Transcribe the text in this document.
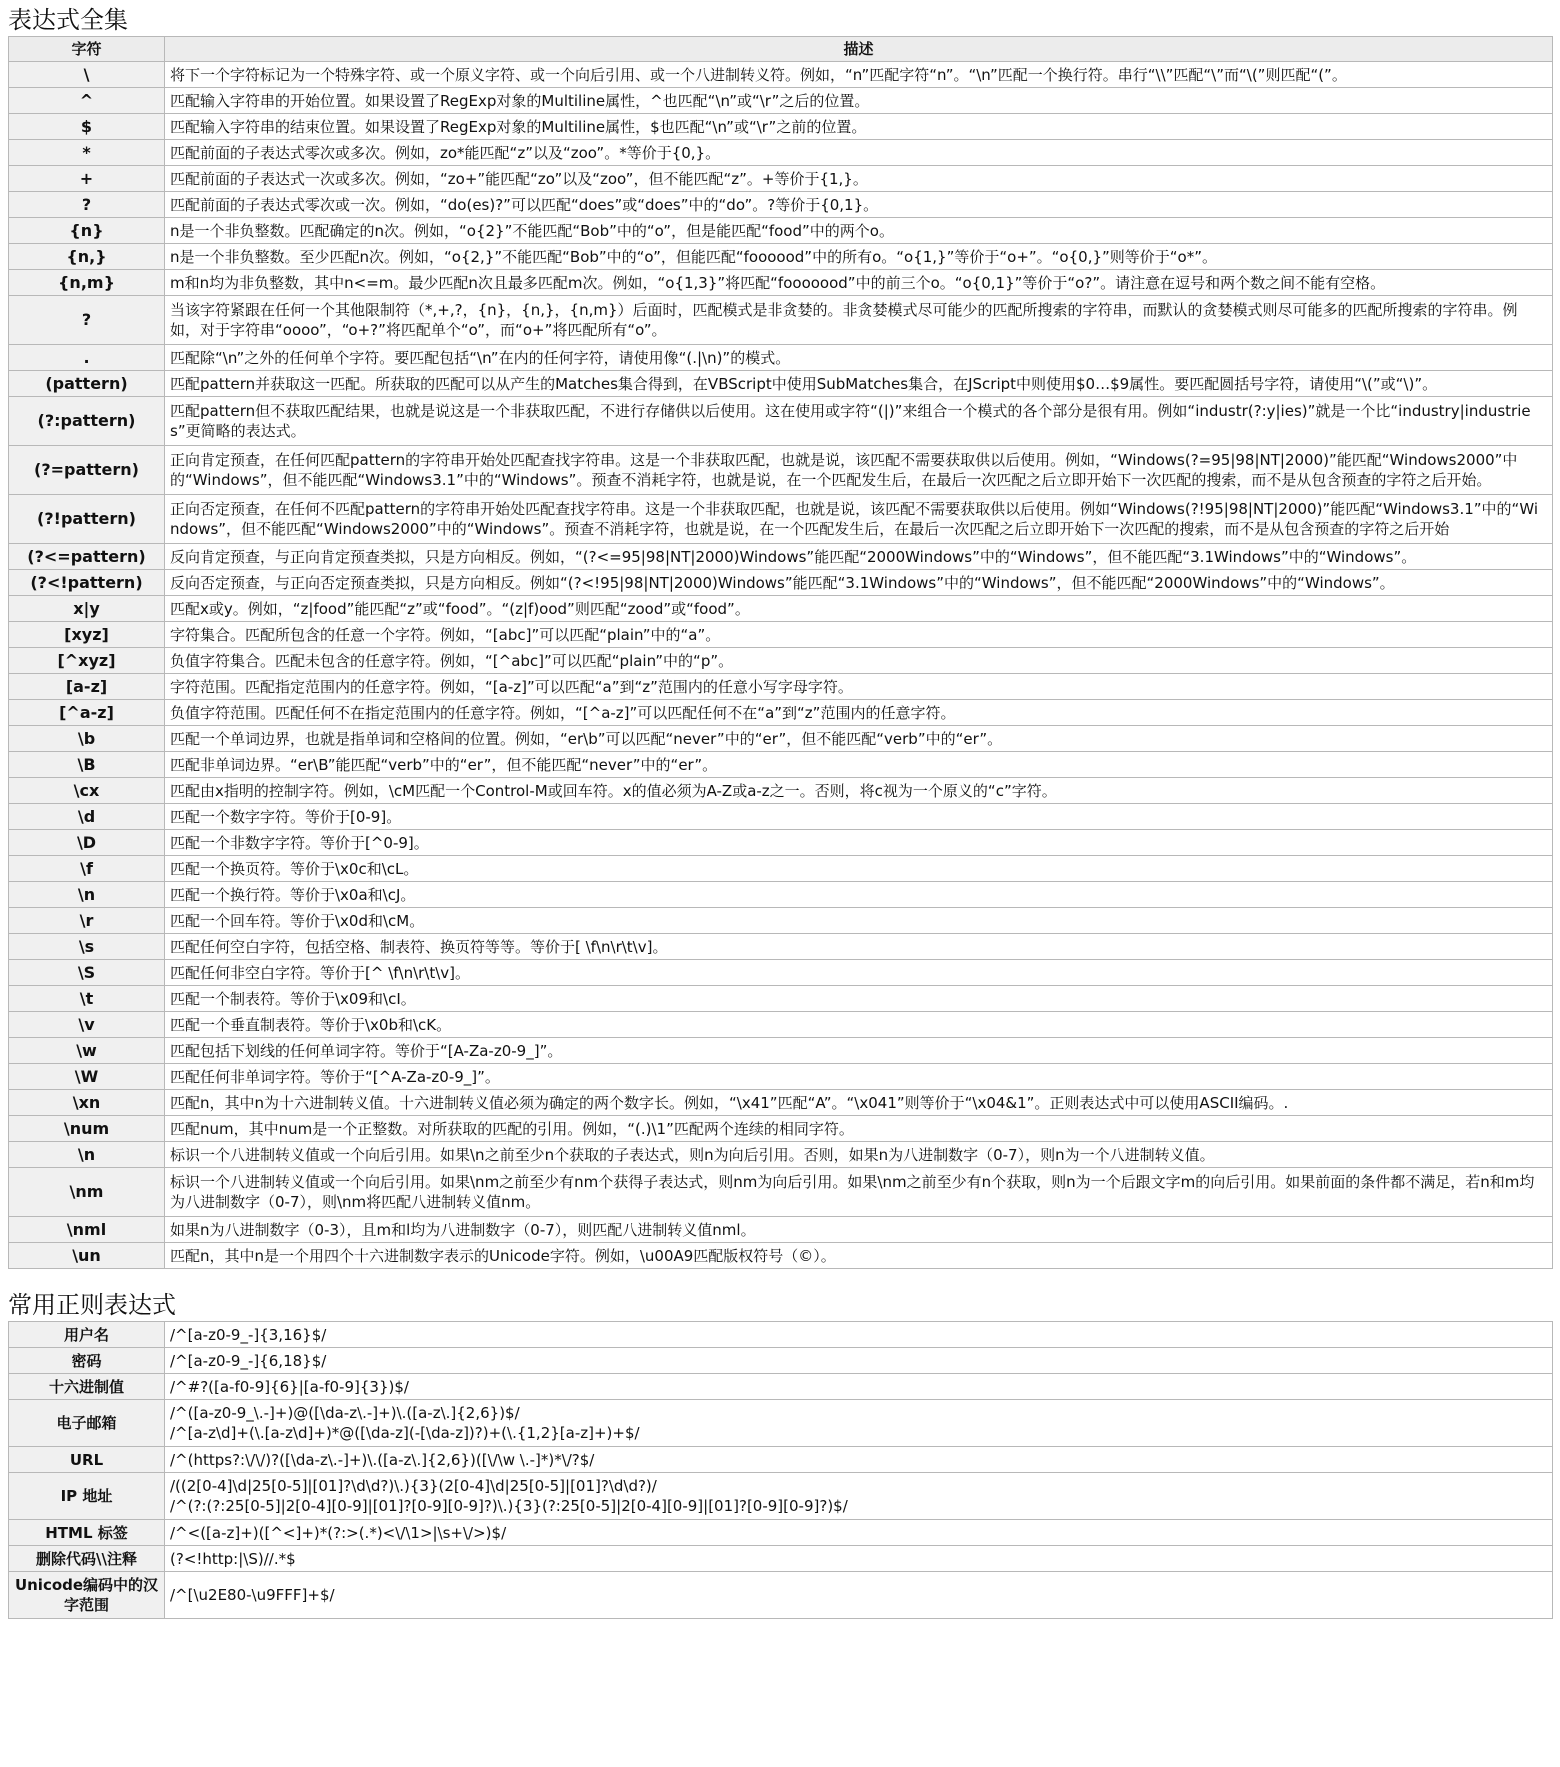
表达式全集
字符	描述
\	将下一个字符标记为一个特殊字符、或一个原义字符、或一个向后引用、或一个八进制转义符。例如，“n”匹配字符“n”。“\n”匹配一个换行符。串行“\\”匹配“\”而“\(”则匹配“(”。
^	匹配输入字符串的开始位置。如果设置了RegExp对象的Multiline属性，^也匹配“\n”或“\r”之后的位置。
$	匹配输入字符串的结束位置。如果设置了RegExp对象的Multiline属性，$也匹配“\n”或“\r”之前的位置。
*	匹配前面的子表达式零次或多次。例如，zo*能匹配“z”以及“zoo”。*等价于{0,}。
+	匹配前面的子表达式一次或多次。例如，“zo+”能匹配“zo”以及“zoo”，但不能匹配“z”。+等价于{1,}。
?	匹配前面的子表达式零次或一次。例如，“do(es)?”可以匹配“does”或“does”中的“do”。?等价于{0,1}。
{n}	n是一个非负整数。匹配确定的n次。例如，“o{2}”不能匹配“Bob”中的“o”，但是能匹配“food”中的两个o。
{n,}	n是一个非负整数。至少匹配n次。例如，“o{2,}”不能匹配“Bob”中的“o”，但能匹配“foooood”中的所有o。“o{1,}”等价于“o+”。“o{0,}”则等价于“o*”。
{n,m}	m和n均为非负整数，其中n<=m。最少匹配n次且最多匹配m次。例如，“o{1,3}”将匹配“fooooood”中的前三个o。“o{0,1}”等价于“o?”。请注意在逗号和两个数之间不能有空格。
?	当该字符紧跟在任何一个其他限制符（*,+,?，{n}，{n,}，{n,m}）后面时，匹配模式是非贪婪的。非贪婪模式尽可能少的匹配所搜索的字符串，而默认的贪婪模式则尽可能多的匹配所搜索的字符串。例如，对于字符串“oooo”，“o+?”将匹配单个“o”，而“o+”将匹配所有“o”。
.	匹配除“\n”之外的任何单个字符。要匹配包括“\n”在内的任何字符，请使用像“(.|\n)”的模式。
(pattern)	匹配pattern并获取这一匹配。所获取的匹配可以从产生的Matches集合得到，在VBScript中使用SubMatches集合，在JScript中则使用$0…$9属性。要匹配圆括号字符，请使用“\(”或“\)”。
(?:pattern)	匹配pattern但不获取匹配结果，也就是说这是一个非获取匹配，不进行存储供以后使用。这在使用或字符“(|)”来组合一个模式的各个部分是很有用。例如“industr(?:y|ies)”就是一个比“industry|industries”更简略的表达式。
(?=pattern)	正向肯定预查，在任何匹配pattern的字符串开始处匹配查找字符串。这是一个非获取匹配，也就是说，该匹配不需要获取供以后使用。例如，“Windows(?=95|98|NT|2000)”能匹配“Windows2000”中的“Windows”，但不能匹配“Windows3.1”中的“Windows”。预查不消耗字符，也就是说，在一个匹配发生后，在最后一次匹配之后立即开始下一次匹配的搜索，而不是从包含预查的字符之后开始。
(?!pattern)	正向否定预查，在任何不匹配pattern的字符串开始处匹配查找字符串。这是一个非获取匹配，也就是说，该匹配不需要获取供以后使用。例如“Windows(?!95|98|NT|2000)”能匹配“Windows3.1”中的“Windows”，但不能匹配“Windows2000”中的“Windows”。预查不消耗字符，也就是说，在一个匹配发生后，在最后一次匹配之后立即开始下一次匹配的搜索，而不是从包含预查的字符之后开始
(?<=pattern)	反向肯定预查，与正向肯定预查类拟，只是方向相反。例如，“(?<=95|98|NT|2000)Windows”能匹配“2000Windows”中的“Windows”，但不能匹配“3.1Windows”中的“Windows”。
(?<!pattern)	反向否定预查，与正向否定预查类拟，只是方向相反。例如“(?<!95|98|NT|2000)Windows”能匹配“3.1Windows”中的“Windows”，但不能匹配“2000Windows”中的“Windows”。
x|y	匹配x或y。例如，“z|food”能匹配“z”或“food”。“(z|f)ood”则匹配“zood”或“food”。
[xyz]	字符集合。匹配所包含的任意一个字符。例如，“[abc]”可以匹配“plain”中的“a”。
[^xyz]	负值字符集合。匹配未包含的任意字符。例如，“[^abc]”可以匹配“plain”中的“p”。
[a-z]	字符范围。匹配指定范围内的任意字符。例如，“[a-z]”可以匹配“a”到“z”范围内的任意小写字母字符。
[^a-z]	负值字符范围。匹配任何不在指定范围内的任意字符。例如，“[^a-z]”可以匹配任何不在“a”到“z”范围内的任意字符。
\b	匹配一个单词边界，也就是指单词和空格间的位置。例如，“er\b”可以匹配“never”中的“er”，但不能匹配“verb”中的“er”。
\B	匹配非单词边界。“er\B”能匹配“verb”中的“er”，但不能匹配“never”中的“er”。
\cx	匹配由x指明的控制字符。例如，\cM匹配一个Control-M或回车符。x的值必须为A-Z或a-z之一。否则，将c视为一个原义的“c”字符。
\d	匹配一个数字字符。等价于[0-9]。
\D	匹配一个非数字字符。等价于[^0-9]。
\f	匹配一个换页符。等价于\x0c和\cL。
\n	匹配一个换行符。等价于\x0a和\cJ。
\r	匹配一个回车符。等价于\x0d和\cM。
\s	匹配任何空白字符，包括空格、制表符、换页符等等。等价于[ \f\n\r\t\v]。
\S	匹配任何非空白字符。等价于[^ \f\n\r\t\v]。
\t	匹配一个制表符。等价于\x09和\cI。
\v	匹配一个垂直制表符。等价于\x0b和\cK。
\w	匹配包括下划线的任何单词字符。等价于“[A-Za-z0-9_]”。
\W	匹配任何非单词字符。等价于“[^A-Za-z0-9_]”。
\xn	匹配n，其中n为十六进制转义值。十六进制转义值必须为确定的两个数字长。例如，“\x41”匹配“A”。“\x041”则等价于“\x04&1”。正则表达式中可以使用ASCII编码。.
\num	匹配num，其中num是一个正整数。对所获取的匹配的引用。例如，“(.)\1”匹配两个连续的相同字符。
\n	标识一个八进制转义值或一个向后引用。如果\n之前至少n个获取的子表达式，则n为向后引用。否则，如果n为八进制数字（0-7），则n为一个八进制转义值。
\nm	标识一个八进制转义值或一个向后引用。如果\nm之前至少有nm个获得子表达式，则nm为向后引用。如果\nm之前至少有n个获取，则n为一个后跟文字m的向后引用。如果前面的条件都不满足，若n和m均为八进制数字（0-7），则\nm将匹配八进制转义值nm。
\nml	如果n为八进制数字（0-3），且m和l均为八进制数字（0-7），则匹配八进制转义值nml。
\un	匹配n，其中n是一个用四个十六进制数字表示的Unicode字符。例如，\u00A9匹配版权符号（©）。
常用正则表达式
用户名	/^[a-z0-9_-]{3,16}$/
密码	/^[a-z0-9_-]{6,18}$/
十六进制值	/^#?([a-f0-9]{6}|[a-f0-9]{3})$/
电子邮箱	/^([a-z0-9_\.-]+)@([\da-z\.-]+)\.([a-z\.]{2,6})$/
/^[a-z\d]+(\.[a-z\d]+)*@([\da-z](-[\da-z])?)+(\.{1,2}[a-z]+)+$/
URL	/^(https?:\/\/)?([\da-z\.-]+)\.([a-z\.]{2,6})([\/\w \.-]*)*\/?$/
IP 地址	/((2[0-4]\d|25[0-5]|[01]?\d\d?)\.){3}(2[0-4]\d|25[0-5]|[01]?\d\d?)/
/^(?:(?:25[0-5]|2[0-4][0-9]|[01]?[0-9][0-9]?)\.){3}(?:25[0-5]|2[0-4][0-9]|[01]?[0-9][0-9]?)$/
HTML 标签	/^<([a-z]+)([^<]+)*(?:>(.*)<\/\1>|\s+\/>)$/
删除代码\\注释	(?<!http:|\S)//.*$
Unicode编码中的汉字范围	/^[\u2E80-\u9FFF]+$/
